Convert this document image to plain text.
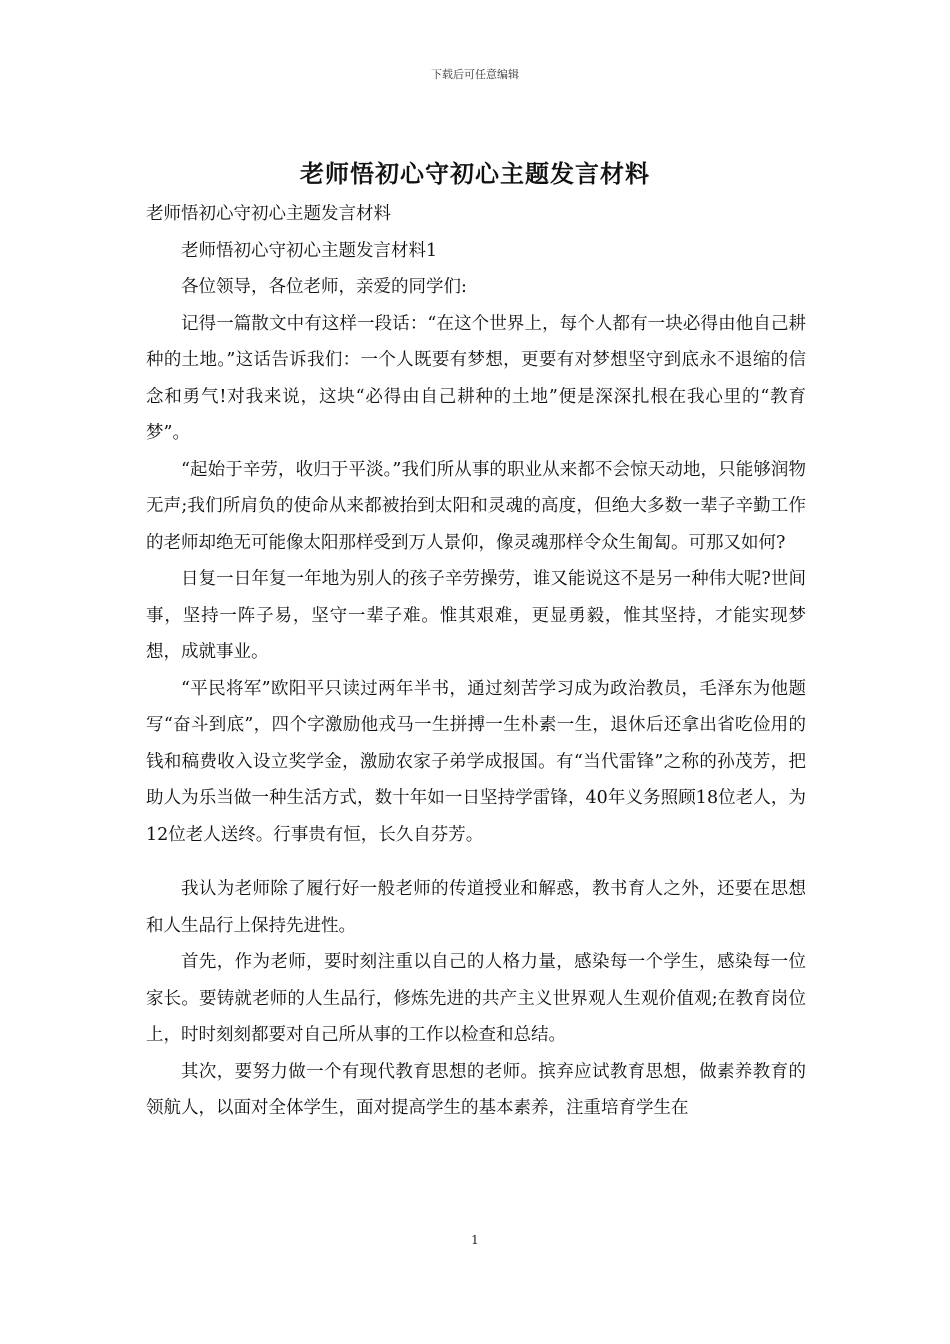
下载后可任意编辑
老师悟初心守初心主题发言材料

老师悟初心守初心主题发言材料

老师悟初心守初心主题发言材料1

各位领导，各位老师，亲爱的同学们:

记得一篇散文中有这样一段话：“在这个世界上，每个人都有一块必得由他自己耕种的土地。”这话告诉我们：一个人既要有梦想，更要有对梦想坚守到底永不退缩的信念和勇气!对我来说，这块“必得由自己耕种的土地”便是深深扎根在我心里的“教育梦”。

“起始于辛劳，收归于平淡。”我们所从事的职业从来都不会惊天动地，只能够润物无声;我们所肩负的使命从来都被抬到太阳和灵魂的高度，但绝大多数一辈子辛勤工作的老师却绝无可能像太阳那样受到万人景仰，像灵魂那样令众生匍匐。可那又如何?

日复一日年复一年地为别人的孩子辛劳操劳，谁又能说这不是另一种伟大呢?世间事，坚持一阵子易，坚守一辈子难。惟其艰难，更显勇毅，惟其坚持，才能实现梦想，成就事业。

“平民将军”欧阳平只读过两年半书，通过刻苦学习成为政治教员，毛泽东为他题写“奋斗到底”，四个字激励他戎马一生拼搏一生朴素一生，退休后还拿出省吃俭用的钱和稿费收入设立奖学金，激励农家子弟学成报国。有“当代雷锋”之称的孙茂芳，把助人为乐当做一种生活方式，数十年如一日坚持学雷锋，40年义务照顾18位老人，为12位老人送终。行事贵有恒，长久自芬芳。

我认为老师除了履行好一般老师的传道授业和解惑，教书育人之外，还要在思想和人生品行上保持先进性。

首先，作为老师，要时刻注重以自己的人格力量，感染每一个学生，感染每一位家长。要铸就老师的人生品行，修炼先进的共产主义世界观人生观价值观;在教育岗位上，时时刻刻都要对自己所从事的工作以检查和总结。

其次，要努力做一个有现代教育思想的老师。摈弃应试教育思想，做素养教育的领航人，以面对全体学生，面对提高学生的基本素养，注重培育学生在

1
